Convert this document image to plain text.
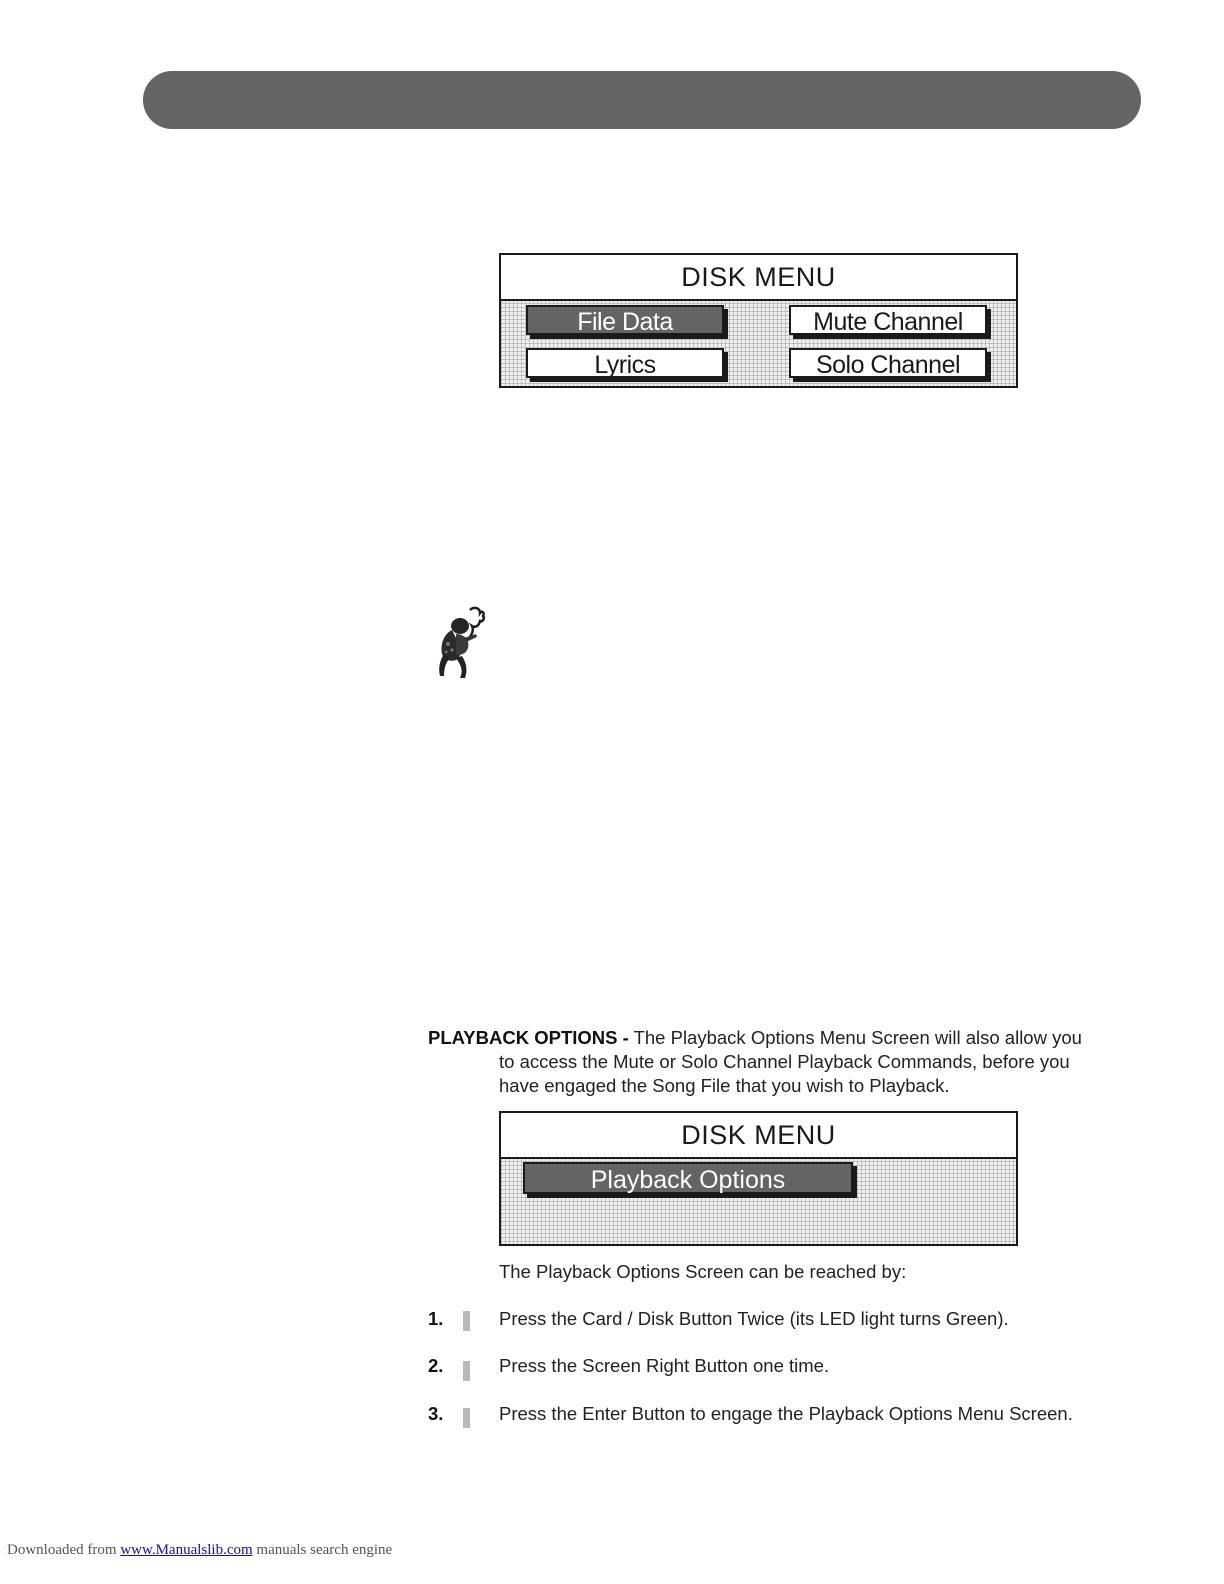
DISK MENU
File Data	Mute Channel
Lyrics	Solo Channel
PLAYBACK OPTIONS - The Playback Options Menu Screen will also allow you
to access the Mute or Solo Channel Playback Commands, before you
have engaged the Song File that you wish to Playback.
DISK MENU
Playback Options
The Playback Options Screen can be reached by:
1.	Press the Card / Disk Button Twice (its LED light turns Green).
2.	Press the Screen Right Button one time.
3.	Press the Enter Button to engage the Playback Options Menu Screen.
Downloaded from www.Manualslib.com manuals search engine
